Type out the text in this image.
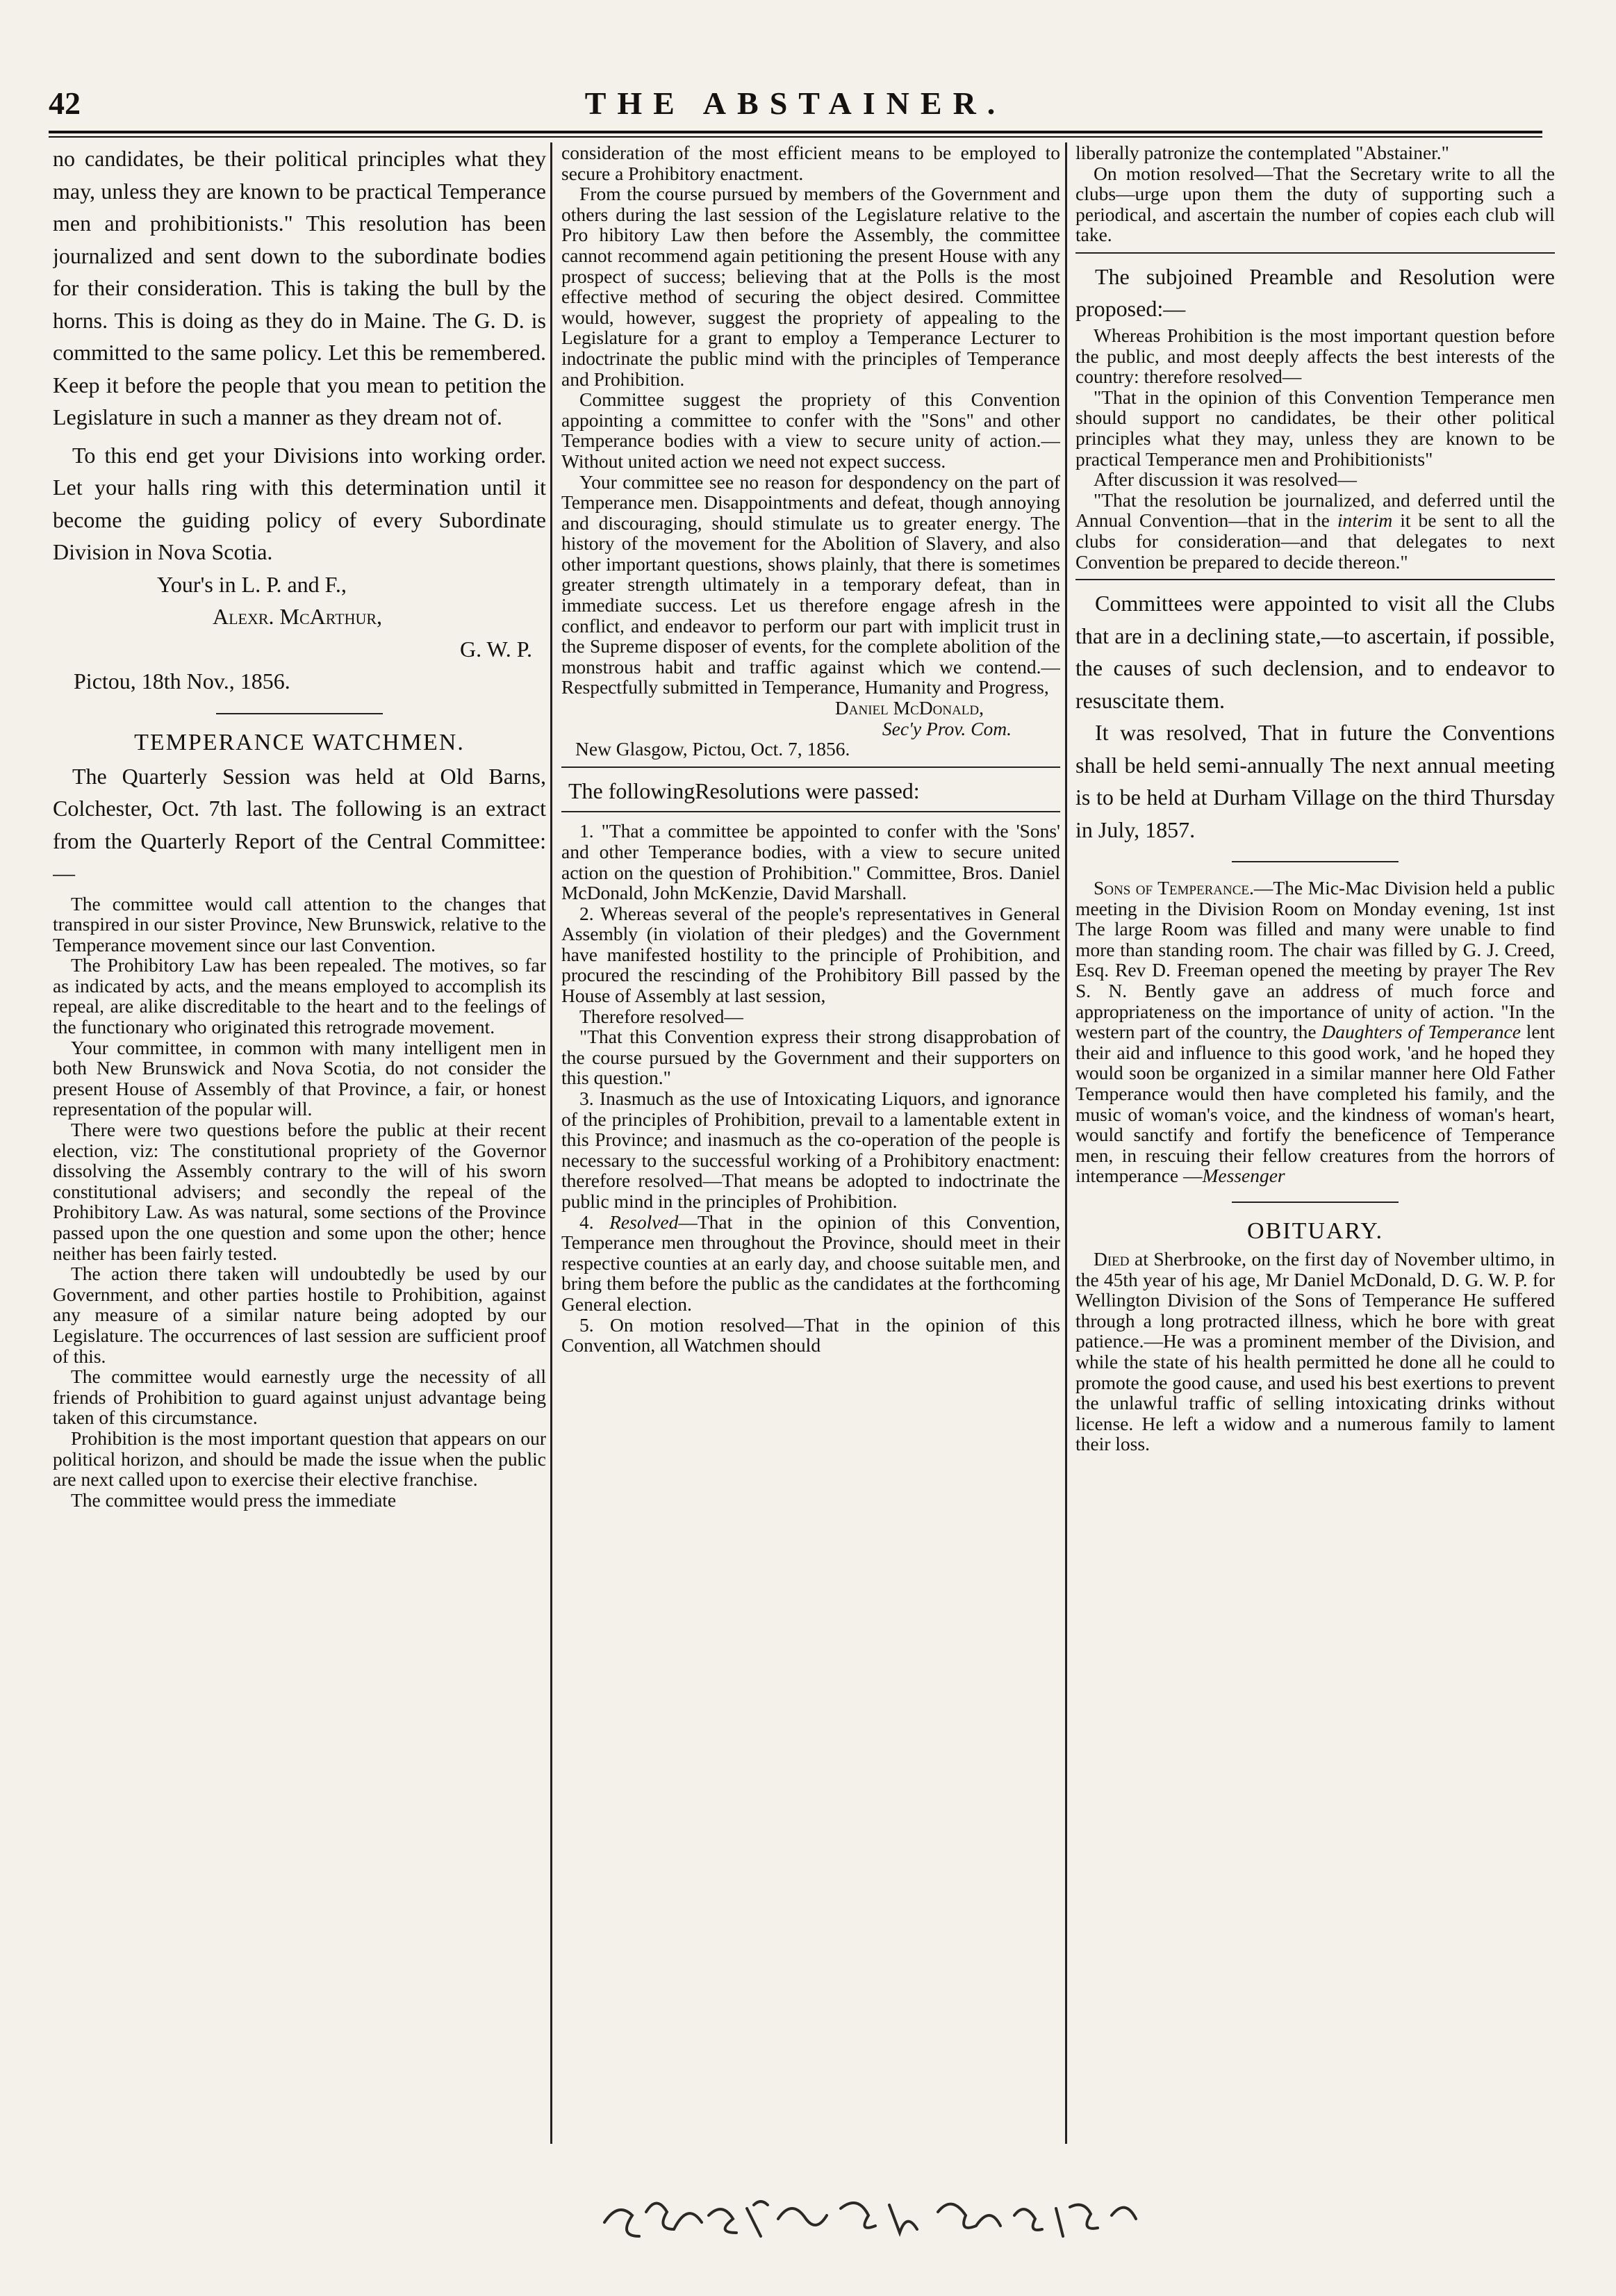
42	THE ABSTAINER.

no candidates, be their political principles what they may, unless they are known to be practical Temperance men and prohibitionists." This resolution has been journalized and sent down to the subordinate bodies for their consideration. This is taking the bull by the horns. This is doing as they do in Maine. The G. D. is committed to the same policy. Let this be remembered. Keep it before the people that you mean to petition the Legislature in such a manner as they dream not of.

To this end get your Divisions into working order. Let your halls ring with this determination until it become the guiding policy of every Subordinate Division in Nova Scotia.

Your's in L. P. and F.,

Alexr. McArthur,

G. W. P.

Pictou, 18th Nov., 1856.

TEMPERANCE WATCHMEN.

The Quarterly Session was held at Old Barns, Colchester, Oct. 7th last. The following is an extract from the Quarterly Report of the Central Committee:—

The committee would call attention to the changes that transpired in our sister Province, New Brunswick, relative to the Temperance movement since our last Convention.

The Prohibitory Law has been repealed. The motives, so far as indicated by acts, and the means employed to accomplish its repeal, are alike discreditable to the heart and to the feelings of the functionary who originated this retrograde movement.

Your committee, in common with many intelligent men in both New Brunswick and Nova Scotia, do not consider the present House of Assembly of that Province, a fair, or honest representation of the popular will.

There were two questions before the public at their recent election, viz: The constitutional propriety of the Governor dissolving the Assembly contrary to the will of his sworn constitutional advisers; and secondly the repeal of the Prohibitory Law. As was natural, some sections of the Province passed upon the one question and some upon the other; hence neither has been fairly tested.

The action there taken will undoubtedly be used by our Government, and other parties hostile to Prohibition, against any measure of a similar nature being adopted by our Legislature. The occurrences of last session are sufficient proof of this.

The committee would earnestly urge the necessity of all friends of Prohibition to guard against unjust advantage being taken of this circumstance.

Prohibition is the most important question that appears on our political horizon, and should be made the issue when the public are next called upon to exercise their elective franchise.

The committee would press the immediate

consideration of the most efficient means to be employed to secure a Prohibitory enactment.

From the course pursued by members of the Government and others during the last session of the Legislature relative to the Pro hibitory Law then before the Assembly, the committee cannot recommend again petitioning the present House with any prospect of success; believing that at the Polls is the most effective method of securing the object desired. Committee would, however, suggest the propriety of appealing to the Legislature for a grant to employ a Temperance Lecturer to indoctrinate the public mind with the principles of Temperance and Prohibition.

Committee suggest the propriety of this Convention appointing a committee to confer with the "Sons" and other Temperance bodies with a view to secure unity of action.—Without united action we need not expect success.

Your committee see no reason for despondency on the part of Temperance men. Disappointments and defeat, though annoying and discouraging, should stimulate us to greater energy. The history of the movement for the Abolition of Slavery, and also other important questions, shows plainly, that there is sometimes greater strength ultimately in a temporary defeat, than in immediate success. Let us therefore engage afresh in the conflict, and endeavor to perform our part with implicit trust in the Supreme disposer of events, for the complete abolition of the monstrous habit and traffic against which we contend.—Respectfully submitted in Temperance, Humanity and Progress,

Daniel McDonald,

Sec'y Prov. Com.

New Glasgow, Pictou, Oct. 7, 1856.

The followingResolutions were passed:

1. "That a committee be appointed to confer with the 'Sons' and other Temperance bodies, with a view to secure united action on the question of Prohibition." Committee, Bros. Daniel McDonald, John McKenzie, David Marshall.

2. Whereas several of the people's representatives in General Assembly (in violation of their pledges) and the Government have manifested hostility to the principle of Prohibition, and procured the rescinding of the Prohibitory Bill passed by the House of Assembly at last session,

Therefore resolved—

"That this Convention express their strong disapprobation of the course pursued by the Government and their supporters on this question."

3. Inasmuch as the use of Intoxicating Liquors, and ignorance of the principles of Prohibition, prevail to a lamentable extent in this Province; and inasmuch as the co-operation of the people is necessary to the successful working of a Prohibitory enactment: therefore resolved—That means be adopted to indoctrinate the public mind in the principles of Prohibition.

4. Resolved—That in the opinion of this Convention, Temperance men throughout the Province, should meet in their respective counties at an early day, and choose suitable men, and bring them before the public as the candidates at the forthcoming General election.

5. On motion resolved—That in the opinion of this Convention, all Watchmen should

liberally patronize the contemplated "Abstainer."

On motion resolved—That the Secretary write to all the clubs—urge upon them the duty of supporting such a periodical, and ascertain the number of copies each club will take.

The subjoined Preamble and Resolution were proposed:—

Whereas Prohibition is the most important question before the public, and most deeply affects the best interests of the country: therefore resolved—

"That in the opinion of this Convention Temperance men should support no candidates, be their other political principles what they may, unless they are known to be practical Temperance men and Prohibitionists"

After discussion it was resolved—

"That the resolution be journalized, and deferred until the Annual Convention—that in the interim it be sent to all the clubs for consideration—and that delegates to next Convention be prepared to decide thereon."

Committees were appointed to visit all the Clubs that are in a declining state,—to ascertain, if possible, the causes of such declension, and to endeavor to resuscitate them.

It was resolved, That in future the Conventions shall be held semi-annually The next annual meeting is to be held at Durham Village on the third Thursday in July, 1857.

Sons of Temperance.—The Mic-Mac Division held a public meeting in the Division Room on Monday evening, 1st inst The large Room was filled and many were unable to find more than standing room. The chair was filled by G. J. Creed, Esq. Rev D. Freeman opened the meeting by prayer The Rev S. N. Bently gave an address of much force and appropriateness on the importance of unity of action. "In the western part of the country, the Daughters of Temperance lent their aid and influence to this good work, 'and he hoped they would soon be organized in a similar manner here Old Father Temperance would then have completed his family, and the music of woman's voice, and the kindness of woman's heart, would sanctify and fortify the beneficence of Temperance men, in rescuing their fellow creatures from the horrors of intemperance —Messenger

OBITUARY.

Died at Sherbrooke, on the first day of November ultimo, in the 45th year of his age, Mr Daniel McDonald, D. G. W. P. for Wellington Division of the Sons of Temperance He suffered through a long protracted illness, which he bore with great patience.—He was a prominent member of the Division, and while the state of his health permitted he done all he could to promote the good cause, and used his best exertions to prevent the unlawful traffic of selling intoxicating drinks without license. He left a widow and a numerous family to lament their loss.
